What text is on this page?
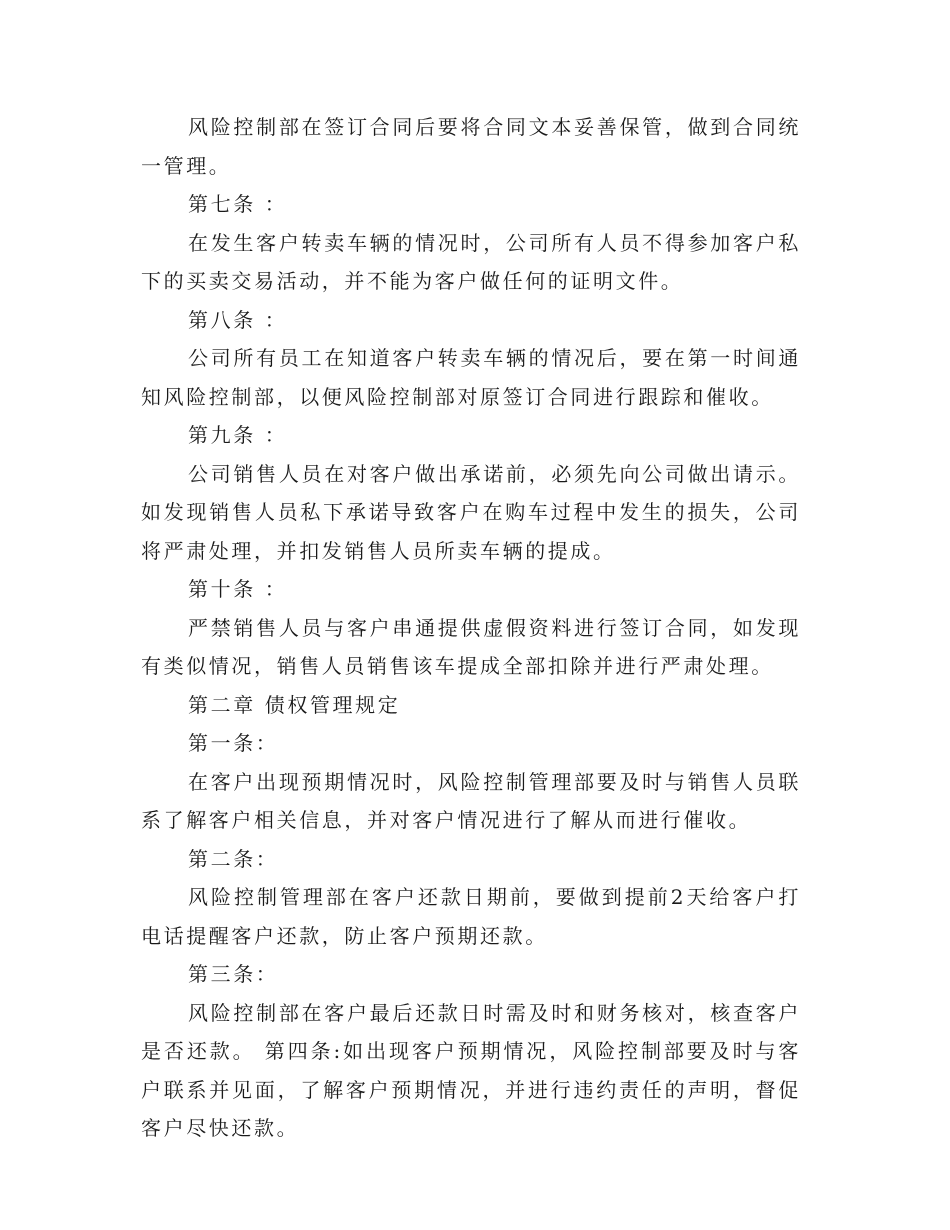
风险控制部在签订合同后要将合同文本妥善保管，做到合同统一管理。

第七条 ：

在发生客户转卖车辆的情况时，公司所有人员不得参加客户私下的买卖交易活动，并不能为客户做任何的证明文件。

第八条 ：

公司所有员工在知道客户转卖车辆的情况后，要在第一时间通知风险控制部，以便风险控制部对原签订合同进行跟踪和催收。

第九条 ：

公司销售人员在对客户做出承诺前，必须先向公司做出请示。如发现销售人员私下承诺导致客户在购车过程中发生的损失，公司将严肃处理，并扣发销售人员所卖车辆的提成。

第十条 ：

严禁销售人员与客户串通提供虚假资料进行签订合同，如发现有类似情况，销售人员销售该车提成全部扣除并进行严肃处理。

第二章 债权管理规定

第一条：

在客户出现预期情况时，风险控制管理部要及时与销售人员联系了解客户相关信息，并对客户情况进行了解从而进行催收。

第二条：

风险控制管理部在客户还款日期前，要做到提前2天给客户打电话提醒客户还款，防止客户预期还款。

第三条：

风险控制部在客户最后还款日时需及时和财务核对，核查客户是否还款。 第四条:如出现客户预期情况，风险控制部要及时与客户联系并见面，了解客户预期情况，并进行违约责任的声明，督促客户尽快还款。
